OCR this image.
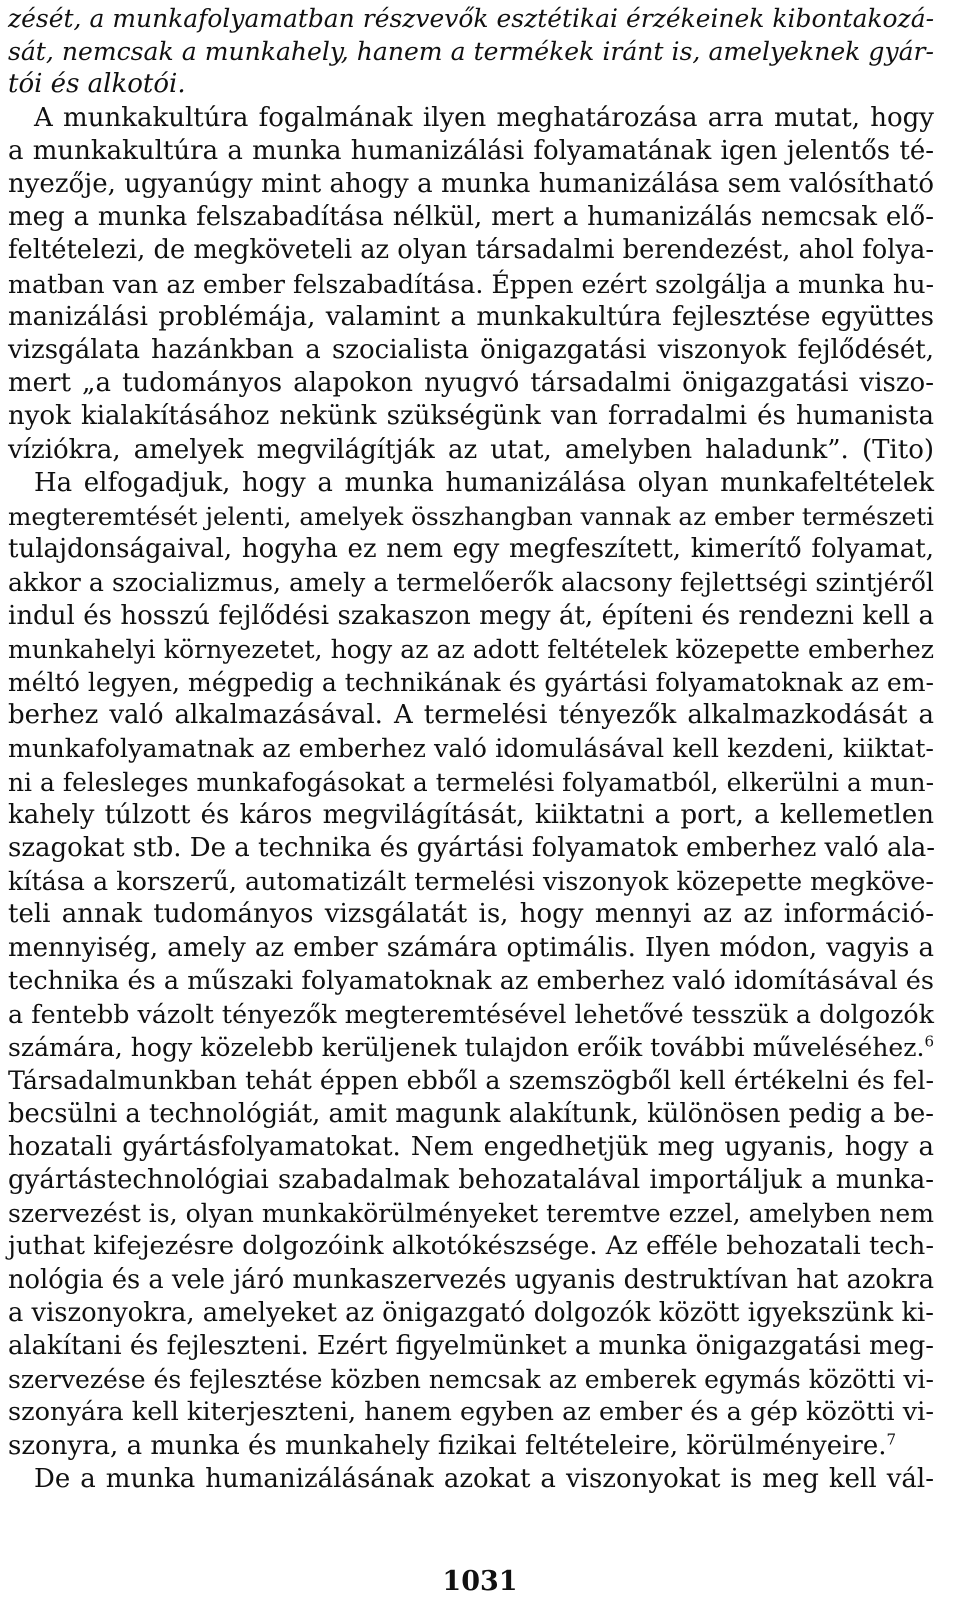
zését, a munkafolyamatban részvevők esztétikai érzékeinek kibontakozá-
sát, nemcsak a munkahely, hanem a termékek iránt is, amelyeknek gyár-
tói és alkotói.
A munkakultúra fogalmának ilyen meghatározása arra mutat, hogy
a munkakultúra a munka humanizálási folyamatának igen jelentős té-
nyezője, ugyanúgy mint ahogy a munka humanizálása sem valósítható
meg a munka felszabadítása nélkül, mert a humanizálás nemcsak elő-
feltételezi, de megköveteli az olyan társadalmi berendezést, ahol folya-
matban van az ember felszabadítása. Éppen ezért szolgálja a munka hu-
manizálási problémája, valamint a munkakultúra fejlesztése együttes
vizsgálata hazánkban a szocialista önigazgatási viszonyok fejlődését,
mert „a tudományos alapokon nyugvó társadalmi önigazgatási viszo-
nyok kialakításához nekünk szükségünk van forradalmi és humanista
víziókra, amelyek megvilágítják az utat, amelyben haladunk”. (Tito)
Ha elfogadjuk, hogy a munka humanizálása olyan munkafeltételek
megteremtését jelenti, amelyek összhangban vannak az ember természeti
tulajdonságaival, hogyha ez nem egy megfeszített, kimerítő folyamat,
akkor a szocializmus, amely a termelőerők alacsony fejlettségi szintjéről
indul és hosszú fejlődési szakaszon megy át, építeni és rendezni kell a
munkahelyi környezetet, hogy az az adott feltételek közepette emberhez
méltó legyen, mégpedig a technikának és gyártási folyamatoknak az em-
berhez való alkalmazásával. A termelési tényezők alkalmazkodását a
munkafolyamatnak az emberhez való idomulásával kell kezdeni, kiiktat-
ni a felesleges munkafogásokat a termelési folyamatból, elkerülni a mun-
kahely túlzott és káros megvilágítását, kiiktatni a port, a kellemetlen
szagokat stb. De a technika és gyártási folyamatok emberhez való ala-
kítása a korszerű, automatizált termelési viszonyok közepette megköve-
teli annak tudományos vizsgálatát is, hogy mennyi az az információ-
mennyiség, amely az ember számára optimális. Ilyen módon, vagyis a
technika és a műszaki folyamatoknak az emberhez való idomításával és
a fentebb vázolt tényezők megteremtésével lehetővé tesszük a dolgozók
számára, hogy közelebb kerüljenek tulajdon erőik további műveléséhez.$^6$
Társadalmunkban tehát éppen ebből a szemszögből kell értékelni és fel-
becsülni a technológiát, amit magunk alakítunk, különösen pedig a be-
hozatali gyártásfolyamatokat. Nem engedhetjük meg ugyanis, hogy a
gyártástechnológiai szabadalmak behozatalával importáljuk a munka-
szervezést is, olyan munkakörülményeket teremtve ezzel, amelyben nem
juthat kifejezésre dolgozóink alkotókészsége. Az efféle behozatali tech-
nológia és a vele járó munkaszervezés ugyanis destruktívan hat azokra
a viszonyokra, amelyeket az önigazgató dolgozók között igyekszünk ki-
alakítani és fejleszteni. Ezért figyelmünket a munka önigazgatási meg-
szervezése és fejlesztése közben nemcsak az emberek egymás közötti vi-
szonyára kell kiterjeszteni, hanem egyben az ember és a gép közötti vi-
szonyra, a munka és munkahely fizikai feltételeire, körülményeire.$^7$
De a munka humanizálásának azokat a viszonyokat is meg kell vál-
1031
